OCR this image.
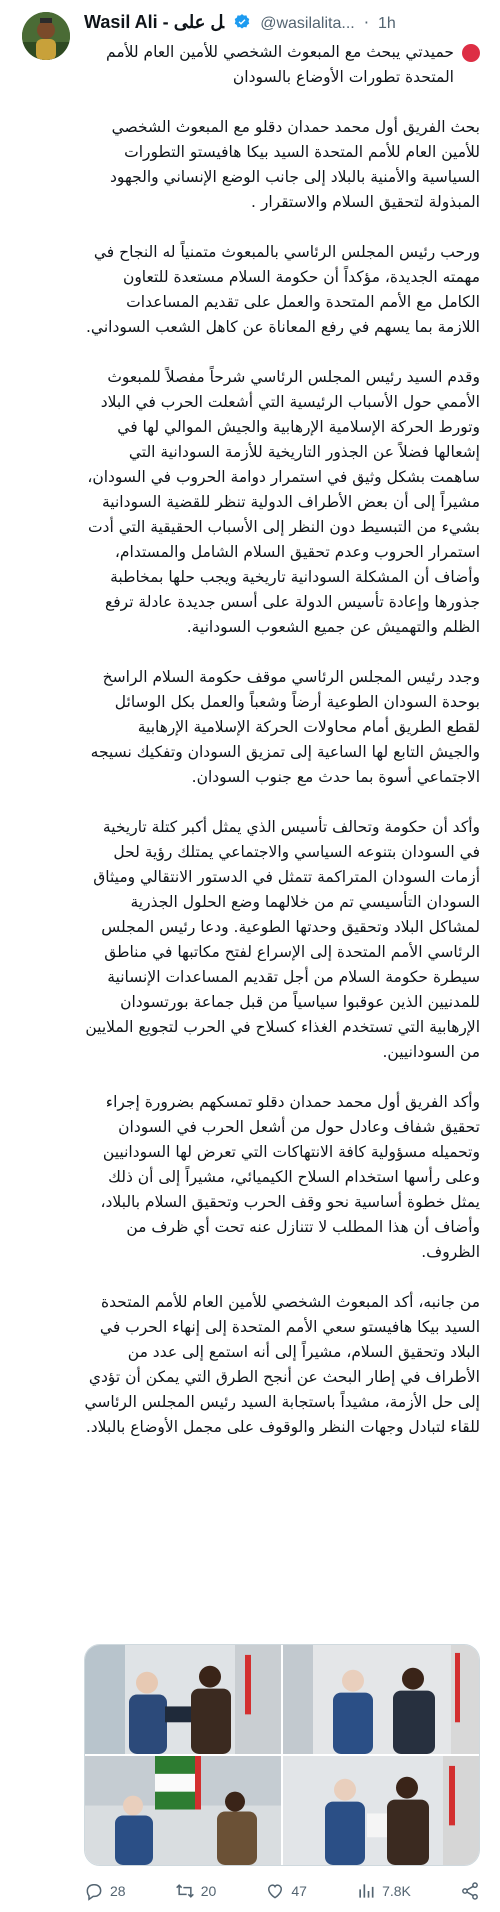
Wasil Ali - ﻞ على @wasilalita... · 1h
حميدتي يبحث مع المبعوث الشخصي للأمين العام للأمم المتحدة تطورات الأوضاع بالسودان
بحث الفريق أول محمد حمدان دقلو مع المبعوث الشخصي للأمين العام للأمم المتحدة السيد بيكا هافيستو التطورات السياسية والأمنية بالبلاد إلى جانب الوضع الإنساني والجهود المبذولة لتحقيق السلام والاستقرار .
ورحب رئيس المجلس الرئاسي بالمبعوث متمنياً له النجاح في مهمته الجديدة، مؤكداً أن حكومة السلام مستعدة للتعاون الكامل مع الأمم المتحدة والعمل على تقديم المساعدات اللازمة بما يسهم في رفع المعاناة عن كاهل الشعب السوداني.
وقدم السيد رئيس المجلس الرئاسي شرحاً مفصلاً للمبعوث الأممي حول الأسباب الرئيسية التي أشعلت الحرب في البلاد وتورط الحركة الإسلامية الإرهابية والجيش الموالي لها في إشعالها فضلاً عن الجذور التاريخية للأزمة السودانية التي ساهمت بشكل وثيق في استمرار دوامة الحروب في السودان، مشيراً إلى أن بعض الأطراف الدولية تنظر للقضية السودانية بشيء من التبسيط دون النظر إلى الأسباب الحقيقية التي أدت استمرار الحروب وعدم تحقيق السلام الشامل والمستدام، وأضاف أن المشكلة السودانية تاريخية ويجب حلها بمخاطبة جذورها وإعادة تأسيس الدولة على أسس جديدة عادلة ترفع الظلم والتهميش عن جميع الشعوب السودانية.
وجدد رئيس المجلس الرئاسي موقف حكومة السلام الراسخ بوحدة السودان الطوعية أرضاً وشعباً والعمل بكل الوسائل لقطع الطريق أمام محاولات الحركة الإسلامية الإرهابية والجيش التابع لها الساعية إلى تمزيق السودان وتفكيك نسيجه الاجتماعي أسوة بما حدث مع جنوب السودان.
وأكد أن حكومة وتحالف تأسيس الذي يمثل أكبر كتلة تاريخية في السودان بتنوعه السياسي والاجتماعي يمتلك رؤية لحل أزمات السودان المتراكمة تتمثل في الدستور الانتقالي وميثاق السودان التأسيسي تم من خلالهما وضع الحلول الجذرية لمشاكل البلاد وتحقيق وحدتها الطوعية. ودعا رئيس المجلس الرئاسي الأمم المتحدة إلى الإسراع لفتح مكاتبها في مناطق سيطرة حكومة السلام من أجل تقديم المساعدات الإنسانية للمدنيين الذين عوقبوا سياسياً من قبل جماعة بورتسودان الإرهابية التي تستخدم الغذاء كسلاح في الحرب لتجويع الملايين من السودانيين.
وأكد الفريق أول محمد حمدان دقلو تمسكهم بضرورة إجراء تحقيق شفاف وعادل حول من أشعل الحرب في السودان وتحميله مسؤولية كافة الانتهاكات التي تعرض لها السودانيين وعلى رأسها استخدام السلاح الكيميائي، مشيراً إلى أن ذلك يمثل خطوة أساسية نحو وقف الحرب وتحقيق السلام بالبلاد، وأضاف أن هذا المطلب لا تتنازل عنه تحت أي ظرف من الظروف.
من جانبه، أكد المبعوث الشخصي للأمين العام للأمم المتحدة السيد بيكا هافيستو سعي الأمم المتحدة إلى إنهاء الحرب في البلاد وتحقيق السلام، مشيراً إلى أنه استمع إلى عدد من الأطراف في إطار البحث عن أنجح الطرق التي يمكن أن تؤدي إلى حل الأزمة، مشيداً باستجابة السيد رئيس المجلس الرئاسي للقاء لتبادل وجهات النظر والوقوف على مجمل الأوضاع بالبلاد.
28	20	47	7.8K
